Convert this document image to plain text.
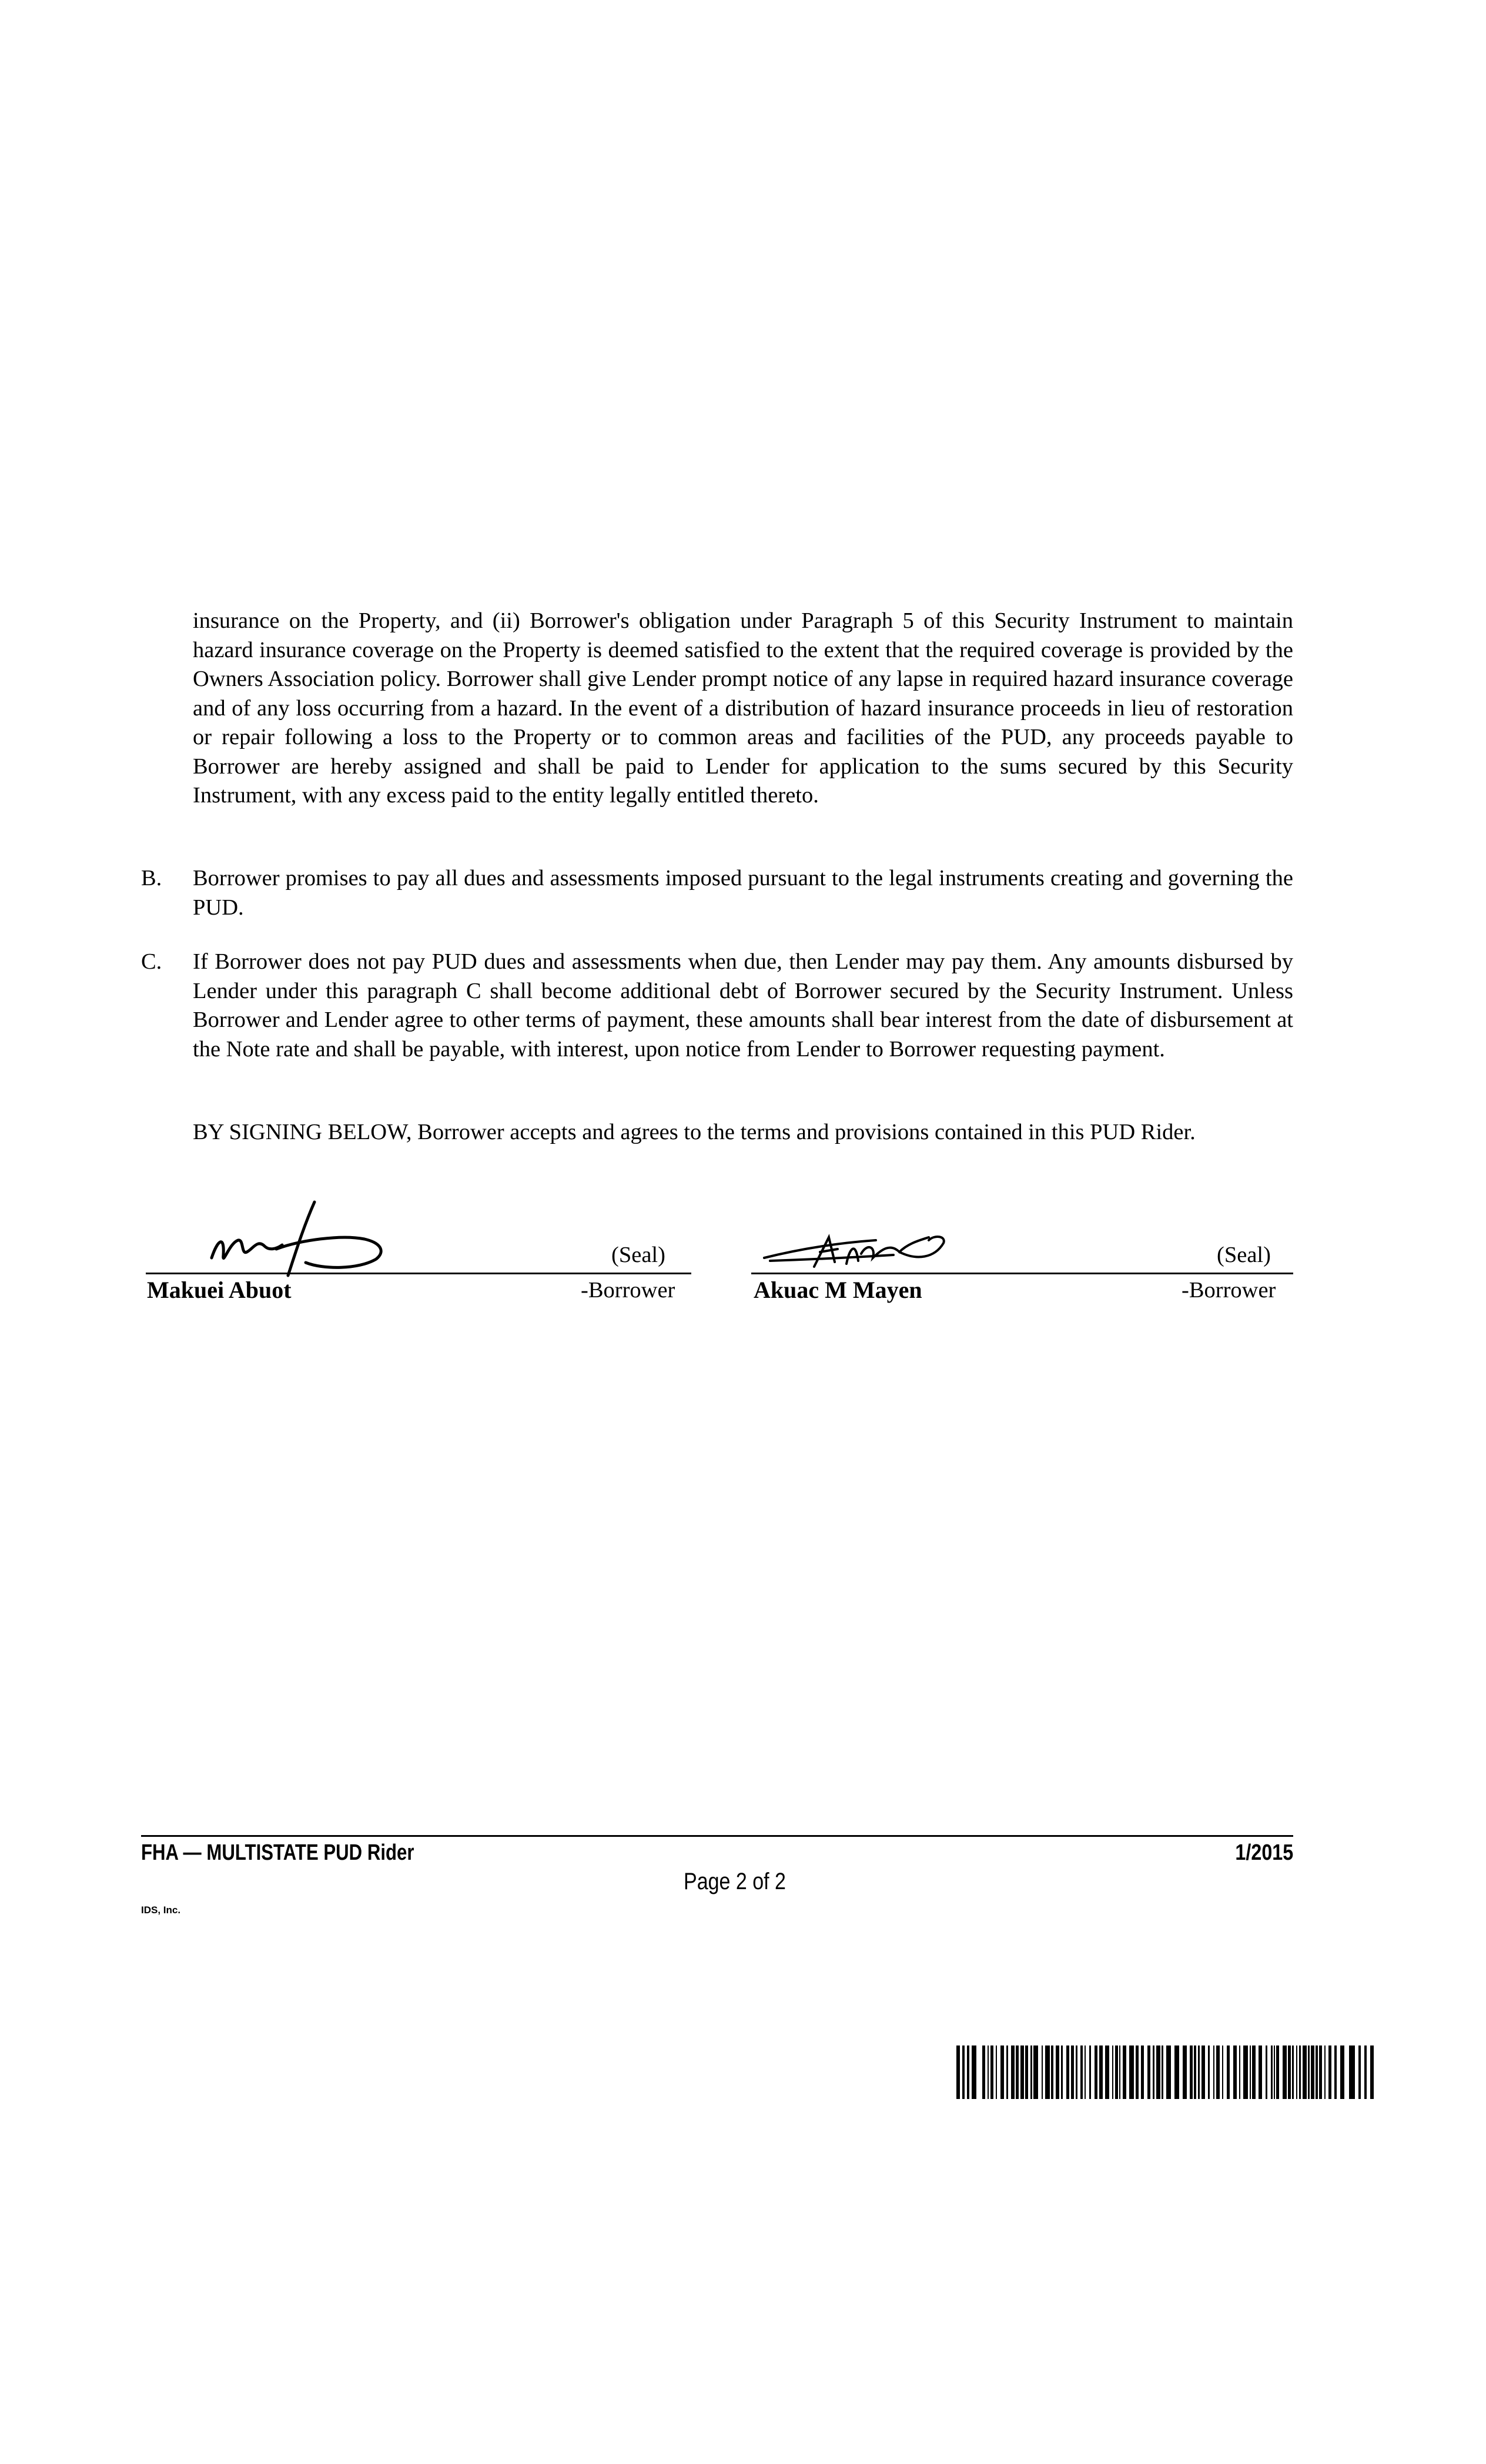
insurance on the Property, and (ii) Borrower's obligation under Paragraph 5 of this Security Instrument to maintain hazard insurance coverage on the Property is deemed satisfied to the extent that the required coverage is provided by the Owners Association policy. Borrower shall give Lender prompt notice of any lapse in required hazard insurance coverage and of any loss occurring from a hazard. In the event of a distribution of hazard insurance proceeds in lieu of restoration or repair following a loss to the Property or to common areas and facilities of the PUD, any proceeds payable to Borrower are hereby assigned and shall be paid to Lender for application to the sums secured by this Security Instrument, with any excess paid to the entity legally entitled thereto.

B.	Borrower promises to pay all dues and assessments imposed pursuant to the legal instruments creating and governing the PUD.
C.	If Borrower does not pay PUD dues and assessments when due, then Lender may pay them. Any amounts disbursed by Lender under this paragraph C shall become additional debt of Borrower secured by the Security Instrument. Unless Borrower and Lender agree to other terms of payment, these amounts shall bear interest from the date of disbursement at the Note rate and shall be payable, with interest, upon notice from Lender to Borrower requesting payment.

BY SIGNING BELOW, Borrower accepts and agrees to the terms and provisions contained in this PUD Rider.

(Seal)
Makuei Abuot	-Borrower
(Seal)
Akuac M Mayen	-Borrower
FHA — MULTISTATE PUD Rider	1/2015
Page 2 of 2
IDS, Inc.
